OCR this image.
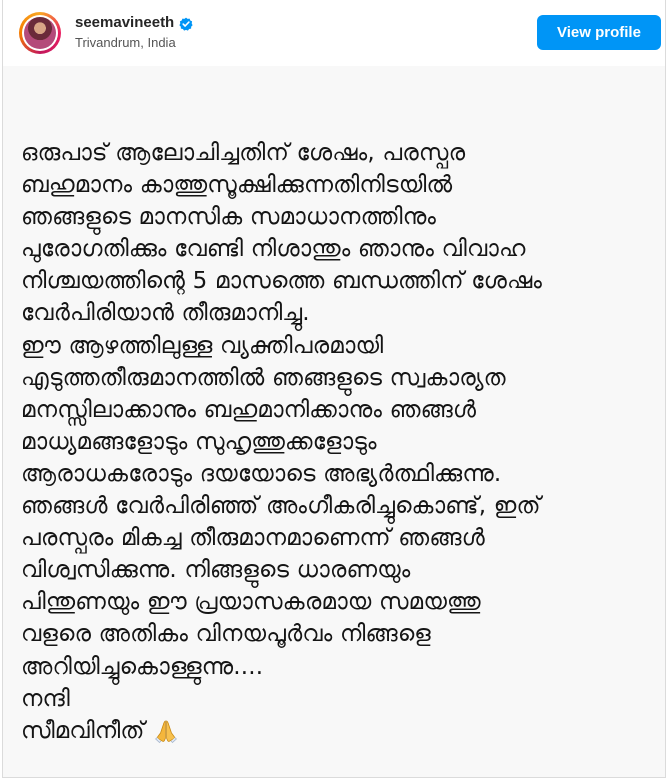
seemavineeth
Trivandrum, India
View profile
ഒരുപാട് ആലോചിച്ചതിന് ശേഷം, പരസ്പര
ബഹുമാനം കാത്തുസൂക്ഷിക്കുന്നതിനിടയിൽ
ഞങ്ങളുടെ മാനസിക സമാധാനത്തിനും
പുരോഗതിക്കും വേണ്ടി നിശാന്തും ഞാനും വിവാഹ
നിശ്ചയത്തിന്റെ 5 മാസത്തെ ബന്ധത്തിന് ശേഷം
വേർപിരിയാൻ തീരുമാനിച്ചു.
ഈ ആഴത്തിലുള്ള വ്യക്തിപരമായി
എടുത്തതീരുമാനത്തിൽ ഞങ്ങളുടെ സ്വകാര്യത
മനസ്സിലാക്കാനും ബഹുമാനിക്കാനും ഞങ്ങൾ
മാധ്യമങ്ങളോടും സുഹൃത്തുക്കളോടും
ആരാധകരോടും ദയയോടെ അഭ്യർത്ഥിക്കുന്നു.
ഞങ്ങൾ വേർപിരിഞ്ഞ് അംഗീകരിച്ചുകൊണ്ട്, ഇത്
പരസ്പരം മികച്ച തീരുമാനമാണെന്ന് ഞങ്ങൾ
വിശ്വസിക്കുന്നു. നിങ്ങളുടെ ധാരണയും
പിന്തുണയും ഈ പ്രയാസകരമായ സമയത്തു
വളരെ അതികം വിനയപൂർവം നിങ്ങളെ
അറിയിച്ചുകൊള്ളുന്നു....
നന്ദി
സീമവിനീത്
